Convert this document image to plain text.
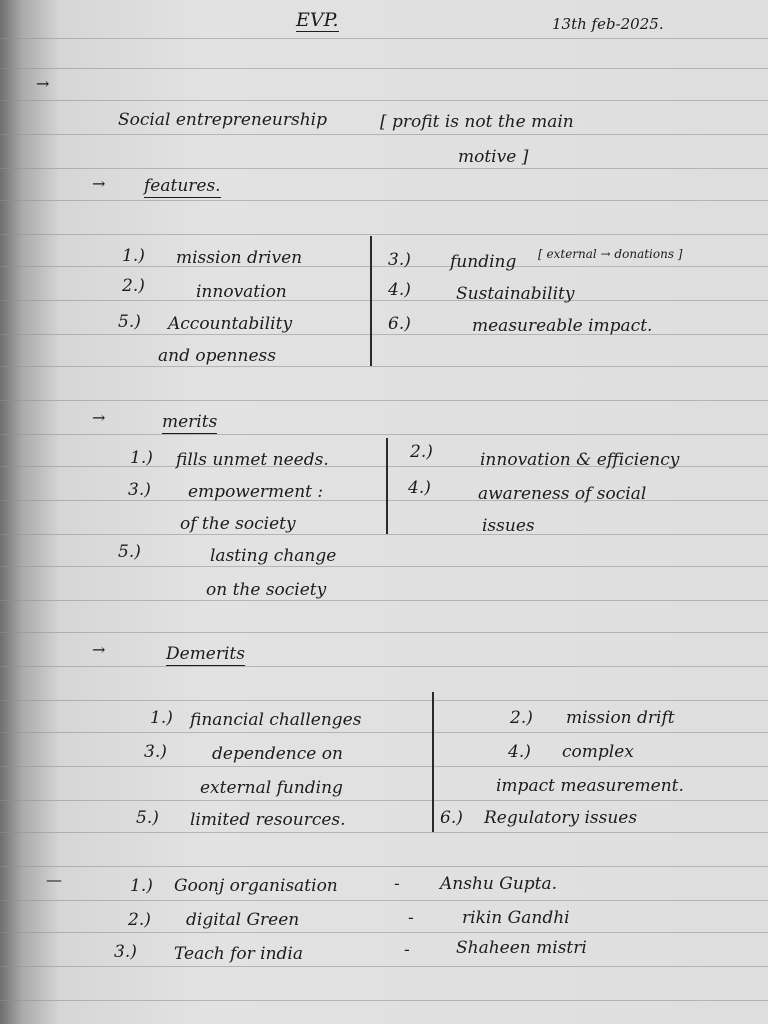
EVP.	13th feb-2025.
→
Social entrepreneurship	[ profit is not the main
motive ]
→ features.
1.) mission driven
2.)	innovation
5.) Accountability
and openness
3.) funding [ external → donations ]
4.)	Sustainability
6.)	measureable impact.
→	merits
1.) fills unmet needs.
3.) empowerment :
of the society
5.)	lasting change
on the society
2.)	innovation & efficiency
4.)	awareness of social
issues
→	Demerits
1.) financial challenges
3.)	dependence on
external funding
5.) limited resources.
2.) mission drift
4.) complex
impact measurement.
6.) Regulatory issues
—	1.) Goonj organisation	- Anshu Gupta.
2.) digital Green	-	rikin Gandhi
3.) Teach for india	-	Shaheen mistri
